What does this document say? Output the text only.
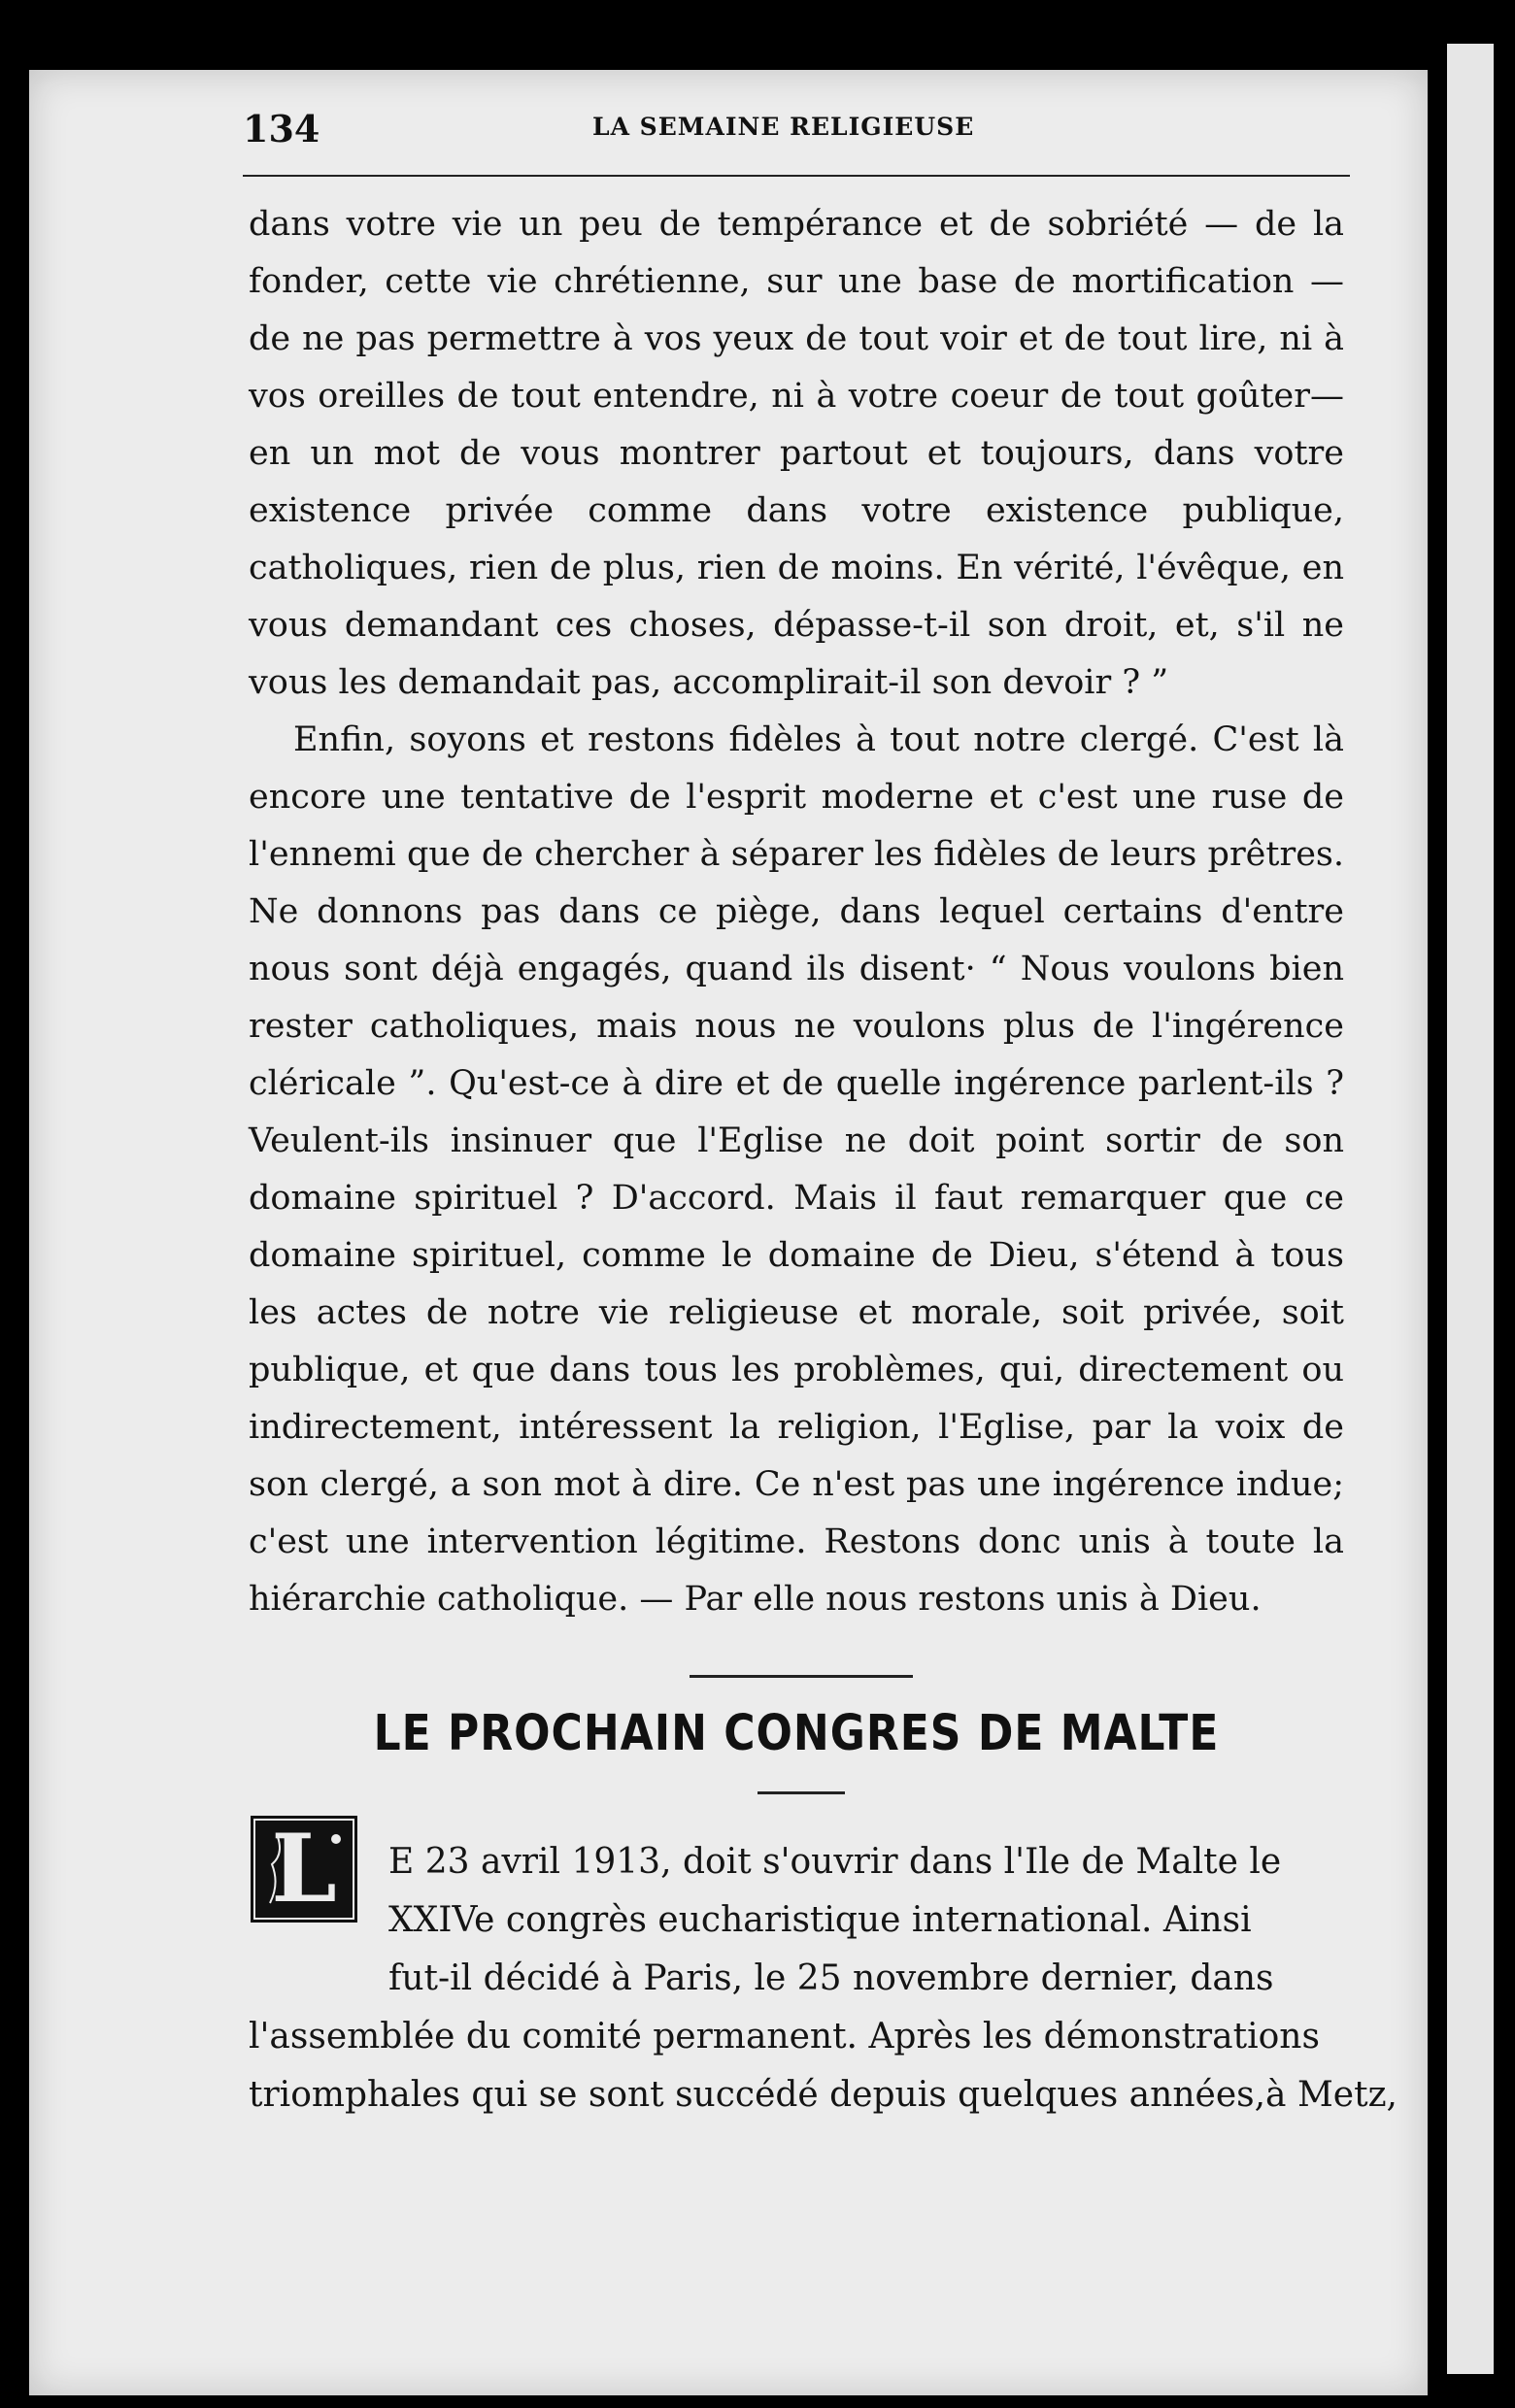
134	LA SEMAINE RELIGIEUSE

dans votre vie un peu de tempérance et de sobriété — de la fonder, cette vie chrétienne, sur une base de mortification — de ne pas permettre à vos yeux de tout voir et de tout lire, ni à vos oreilles de tout entendre, ni à votre coeur de tout goûter— en un mot de vous montrer partout et toujours, dans votre existence privée comme dans votre existence publique, catholiques, rien de plus, rien de moins. En vérité, l'évêque, en vous demandant ces choses, dépasse-t-il son droit, et, s'il ne vous les demandait pas, accomplirait-il son devoir ? ”

Enfin, soyons et restons fidèles à tout notre clergé. C'est là encore une tentative de l'esprit moderne et c'est une ruse de l'ennemi que de chercher à séparer les fidèles de leurs prêtres. Ne donnons pas dans ce piège, dans lequel certains d'entre nous sont déjà engagés, quand ils disent· “ Nous voulons bien rester catholiques, mais nous ne voulons plus de l'ingérence cléricale ”. Qu'est-ce à dire et de quelle ingérence parlent-ils ? Veulent-ils insinuer que l'Eglise ne doit point sortir de son domaine spirituel ? D'accord. Mais il faut remarquer que ce domaine spirituel, comme le domaine de Dieu, s'étend à tous les actes de notre vie religieuse et morale, soit privée, soit publique, et que dans tous les problèmes, qui, directement ou indirectement, intéressent la religion, l'Eglise, par la voix de son clergé, a son mot à dire. Ce n'est pas une ingérence indue; c'est une intervention légitime. Restons donc unis à toute la hiérarchie catholique. — Par elle nous restons unis à Dieu.

LE PROCHAIN CONGRES DE MALTE
L	E 23 avril 1913, doit s'ouvrir dans l'Ile de Malte le

XXIVe congrès eucharistique international. Ainsi

fut-il décidé à Paris, le 25 novembre dernier, dans

l'assemblée du comité permanent. Après les démonstrations

triomphales qui se sont succédé depuis quelques années,à Metz,
